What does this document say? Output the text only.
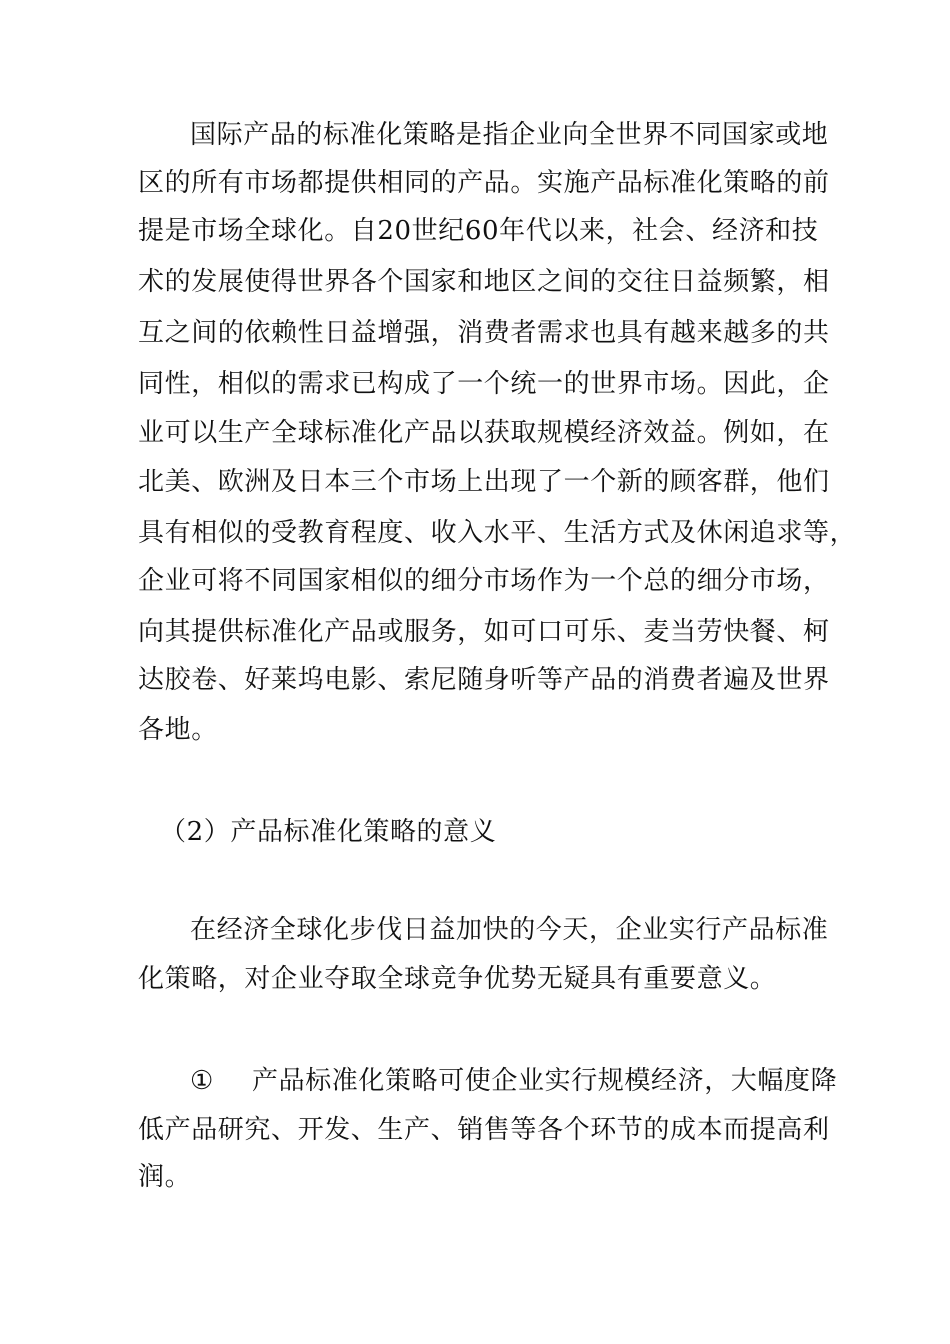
国际产品的标准化策略是指企业向全世界不同国家或地
区的所有市场都提供相同的产品。实施产品标准化策略的前
提是市场全球化。自20世纪60年代以来，社会、经济和技
术的发展使得世界各个国家和地区之间的交往日益频繁，相
互之间的依赖性日益增强，消费者需求也具有越来越多的共
同性，相似的需求已构成了一个统一的世界市场。因此，企
业可以生产全球标准化产品以获取规模经济效益。例如，在
北美、欧洲及日本三个市场上出现了一个新的顾客群，他们
具有相似的受教育程度、收入水平、生活方式及休闲追求等，
企业可将不同国家相似的细分市场作为一个总的细分市场，
向其提供标准化产品或服务，如可口可乐、麦当劳快餐、柯
达胶卷、好莱坞电影、索尼随身听等产品的消费者遍及世界
各地。
（2）产品标准化策略的意义
在经济全球化步伐日益加快的今天，企业实行产品标准
化策略，对企业夺取全球竞争优势无疑具有重要意义。
① 产品标准化策略可使企业实行规模经济，大幅度降
低产品研究、开发、生产、销售等各个环节的成本而提高利
润。
